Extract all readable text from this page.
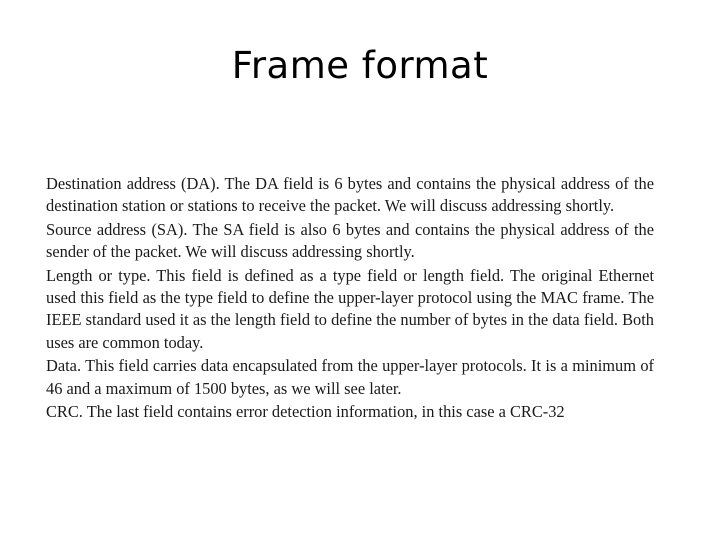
Frame format

Destination address (DA). The DA field is 6 bytes and contains the physical address of the destination station or stations to receive the packet. We will discuss addressing shortly.

Source address (SA). The SA field is also 6 bytes and contains the physical address of the sender of the packet. We will discuss addressing shortly.

Length or type. This field is defined as a type field or length field. The original Ethernet used this field as the type field to define the upper-layer protocol using the MAC frame. The IEEE standard used it as the length field to define the number of bytes in the data field. Both uses are common today.

Data. This field carries data encapsulated from the upper-layer protocols. It is a minimum of 46 and a maximum of 1500 bytes, as we will see later.

CRC. The last field contains error detection information, in this case a CRC-32
